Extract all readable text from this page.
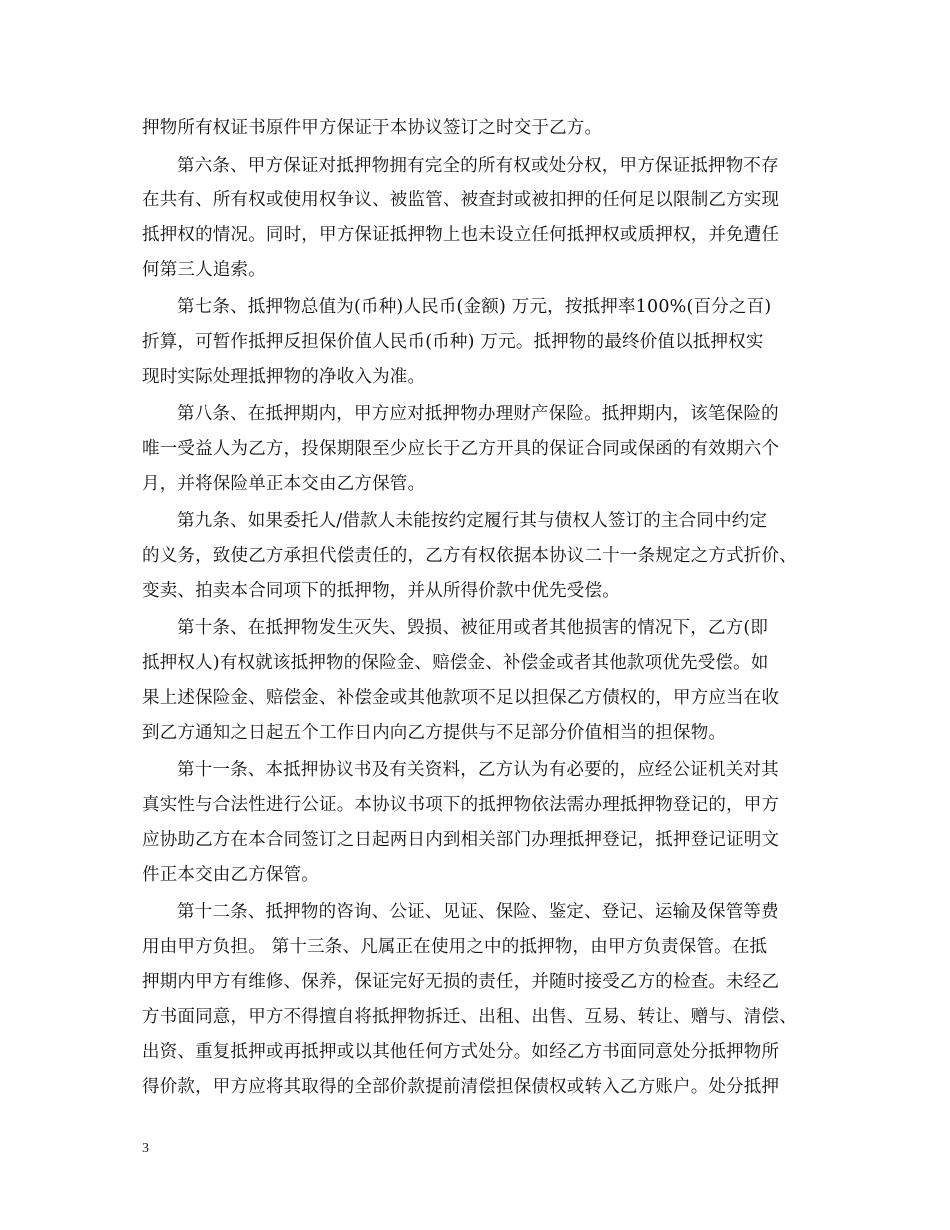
押物所有权证书原件甲方保证于本协议签订之时交于乙方。
第六条、甲方保证对抵押物拥有完全的所有权或处分权，甲方保证抵押物不存
在共有、所有权或使用权争议、被监管、被查封或被扣押的任何足以限制乙方实现
抵押权的情况。同时，甲方保证抵押物上也未设立任何抵押权或质押权，并免遭任
何第三人追索。
第七条、抵押物总值为(币种)人民币(金额) 万元，按抵押率100%(百分之百)
折算，可暂作抵押反担保价值人民币(币种) 万元。抵押物的最终价值以抵押权实
现时实际处理抵押物的净收入为准。
第八条、在抵押期内，甲方应对抵押物办理财产保险。抵押期内，该笔保险的
唯一受益人为乙方，投保期限至少应长于乙方开具的保证合同或保函的有效期六个
月，并将保险单正本交由乙方保管。
第九条、如果委托人/借款人未能按约定履行其与债权人签订的主合同中约定
的义务，致使乙方承担代偿责任的，乙方有权依据本协议二十一条规定之方式折价、
变卖、拍卖本合同项下的抵押物，并从所得价款中优先受偿。
第十条、在抵押物发生灭失、毁损、被征用或者其他损害的情况下，乙方(即
抵押权人)有权就该抵押物的保险金、赔偿金、补偿金或者其他款项优先受偿。如
果上述保险金、赔偿金、补偿金或其他款项不足以担保乙方债权的，甲方应当在收
到乙方通知之日起五个工作日内向乙方提供与不足部分价值相当的担保物。
第十一条、本抵押协议书及有关资料，乙方认为有必要的，应经公证机关对其
真实性与合法性进行公证。本协议书项下的抵押物依法需办理抵押物登记的，甲方
应协助乙方在本合同签订之日起两日内到相关部门办理抵押登记，抵押登记证明文
件正本交由乙方保管。
第十二条、抵押物的咨询、公证、见证、保险、鉴定、登记、运输及保管等费
用由甲方负担。 第十三条、凡属正在使用之中的抵押物，由甲方负责保管。在抵
押期内甲方有维修、保养，保证完好无损的责任，并随时接受乙方的检查。未经乙
方书面同意，甲方不得擅自将抵押物拆迁、出租、出售、互易、转让、赠与、清偿、
出资、重复抵押或再抵押或以其他任何方式处分。如经乙方书面同意处分抵押物所
得价款，甲方应将其取得的全部价款提前清偿担保债权或转入乙方账户。处分抵押
3
